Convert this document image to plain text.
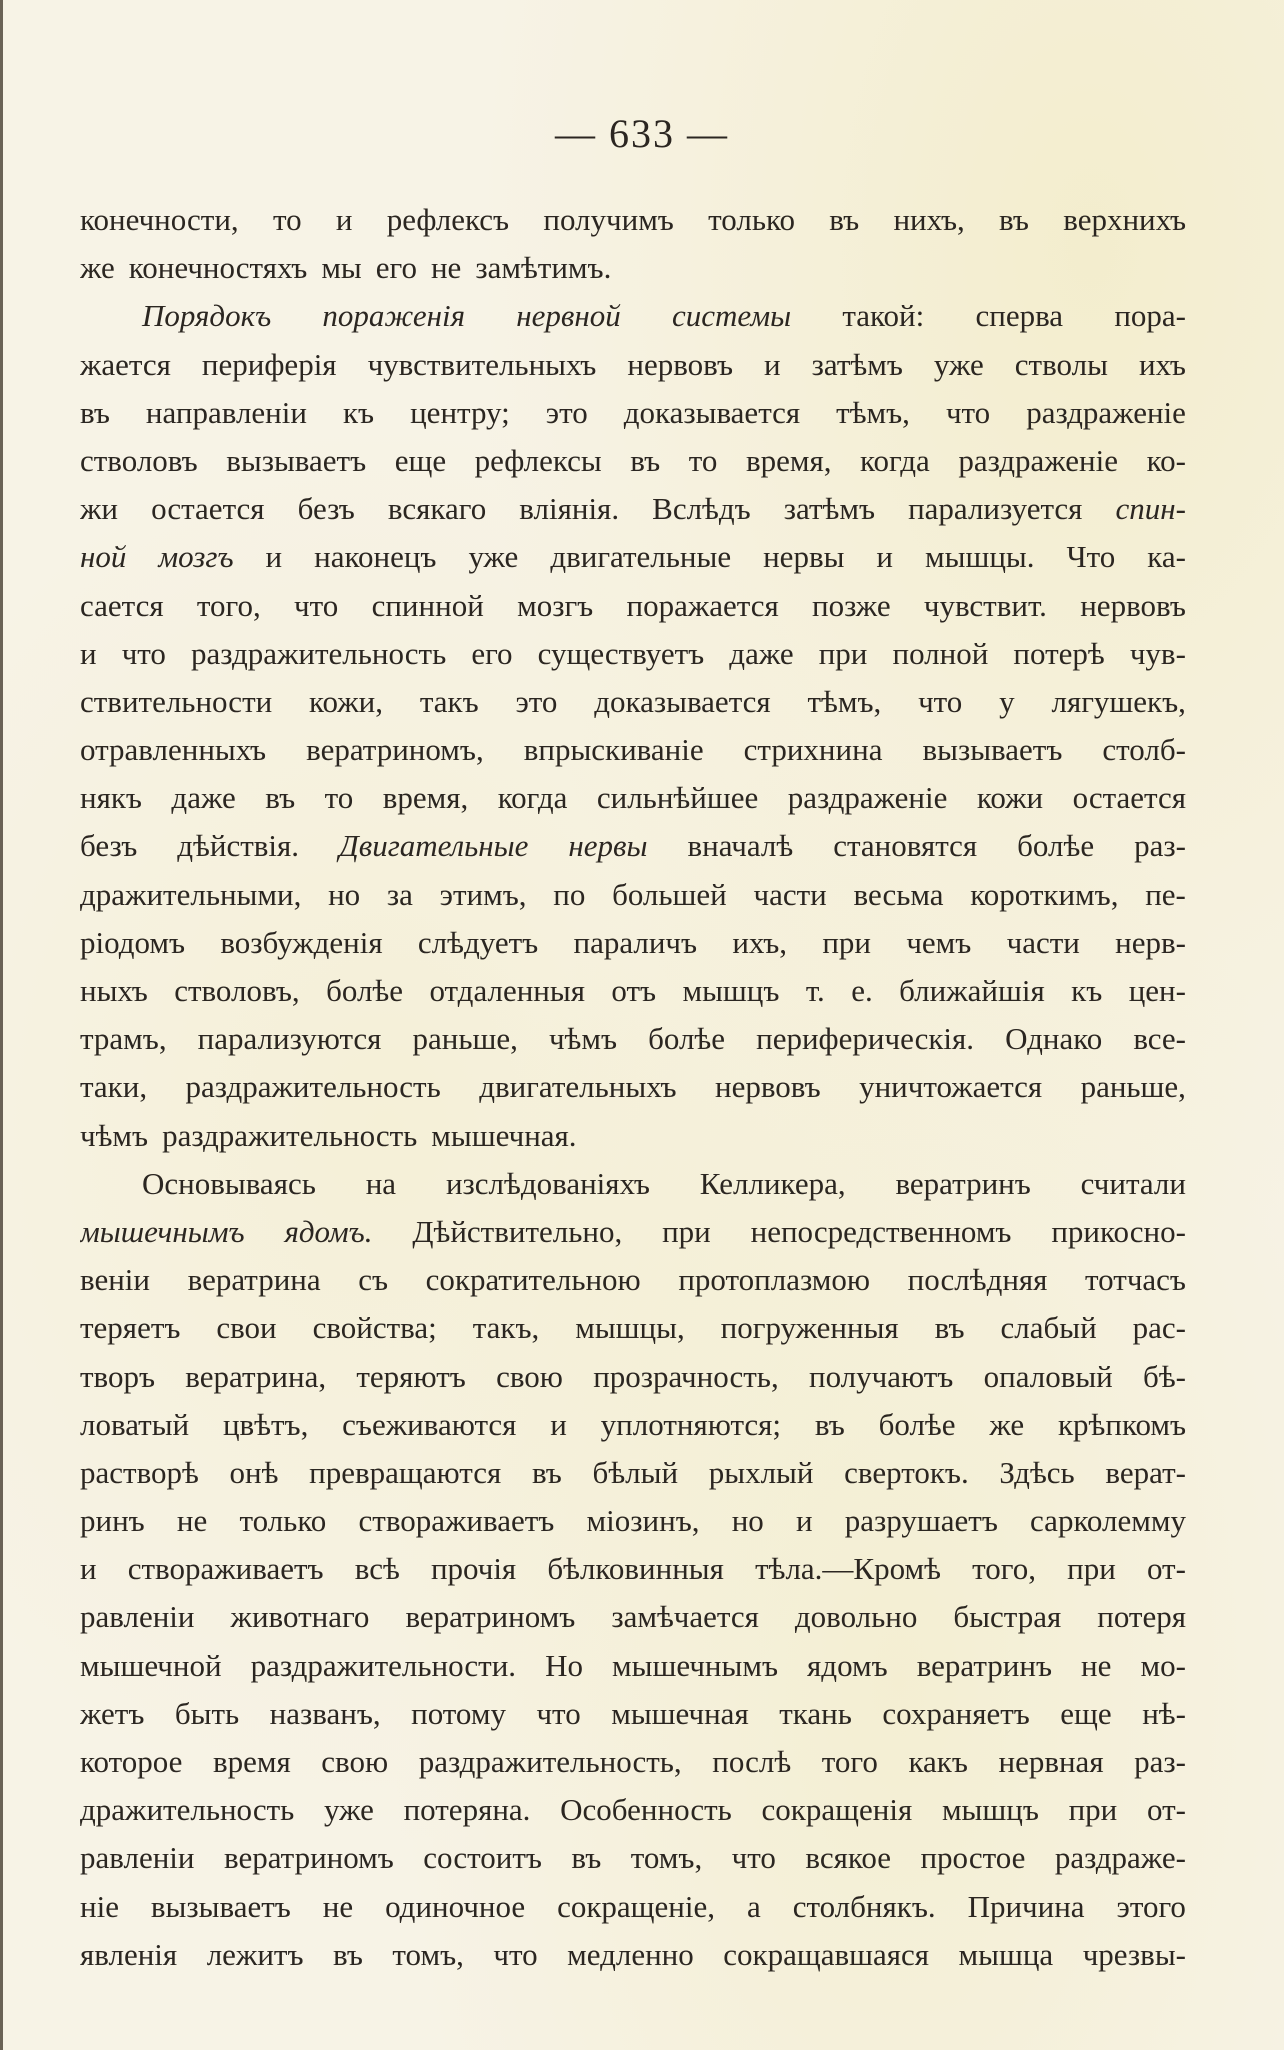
— 633 —
конечности, то и рефлексъ получимъ только въ нихъ, въ верхнихъ
же конечностяхъ мы его не замѣтимъ.
Порядокъ пораженія нервной системы такой: сперва пора-
жается периферія чувствительныхъ нервовъ и затѣмъ уже стволы ихъ
въ направленіи къ центру; это доказывается тѣмъ, что раздраженіе
стволовъ вызываетъ еще рефлексы въ то время, когда раздраженіе ко-
жи остается безъ всякаго вліянія. Вслѣдъ затѣмъ парализуется спин-
ной мозгъ и наконецъ уже двигательные нервы и мышцы. Что ка-
сается того, что спинной мозгъ поражается позже чувствит. нервовъ
и что раздражительность его существуетъ даже при полной потерѣ чув-
ствительности кожи, такъ это доказывается тѣмъ, что у лягушекъ,
отравленныхъ вератриномъ, впрыскиваніе стрихнина вызываетъ столб-
някъ даже въ то время, когда сильнѣйшее раздраженіе кожи остается
безъ дѣйствія. Двигательные нервы вначалѣ становятся болѣе раз-
дражительными, но за этимъ, по большей части весьма короткимъ, пе-
ріодомъ возбужденія слѣдуетъ параличъ ихъ, при чемъ части нерв-
ныхъ стволовъ, болѣе отдаленныя отъ мышцъ т. е. ближайшія къ цен-
трамъ, парализуются раньше, чѣмъ болѣе периферическія. Однако все-
таки, раздражительность двигательныхъ нервовъ уничтожается раньше,
чѣмъ раздражительность мышечная.
Основываясь на изслѣдованіяхъ Келликера, вератринъ считали
мышечнымъ ядомъ. Дѣйствительно, при непосредственномъ прикосно-
веніи вератрина съ сократительною протоплазмою послѣдняя тотчасъ
теряетъ свои свойства; такъ, мышцы, погруженныя въ слабый рас-
творъ вератрина, теряютъ свою прозрачность, получаютъ опаловый бѣ-
ловатый цвѣтъ, съеживаются и уплотняются; въ болѣе же крѣпкомъ
растворѣ онѣ превращаются въ бѣлый рыхлый свертокъ. Здѣсь верат-
ринъ не только створаживаетъ міозинъ, но и разрушаетъ сарколемму
и створаживаетъ всѣ прочія бѣлковинныя тѣла.—Кромѣ того, при от-
равленіи животнаго вератриномъ замѣчается довольно быстрая потеря
мышечной раздражительности. Но мышечнымъ ядомъ вератринъ не мо-
жетъ быть названъ, потому что мышечная ткань сохраняетъ еще нѣ-
которое время свою раздражительность, послѣ того какъ нервная раз-
дражительность уже потеряна. Особенность сокращенія мышцъ при от-
равленіи вератриномъ состоитъ въ томъ, что всякое простое раздраже-
ніе вызываетъ не одиночное сокращеніе, а столбнякъ. Причина этого
явленія лежитъ въ томъ, что медленно сокращавшаяся мышца чрезвы-
